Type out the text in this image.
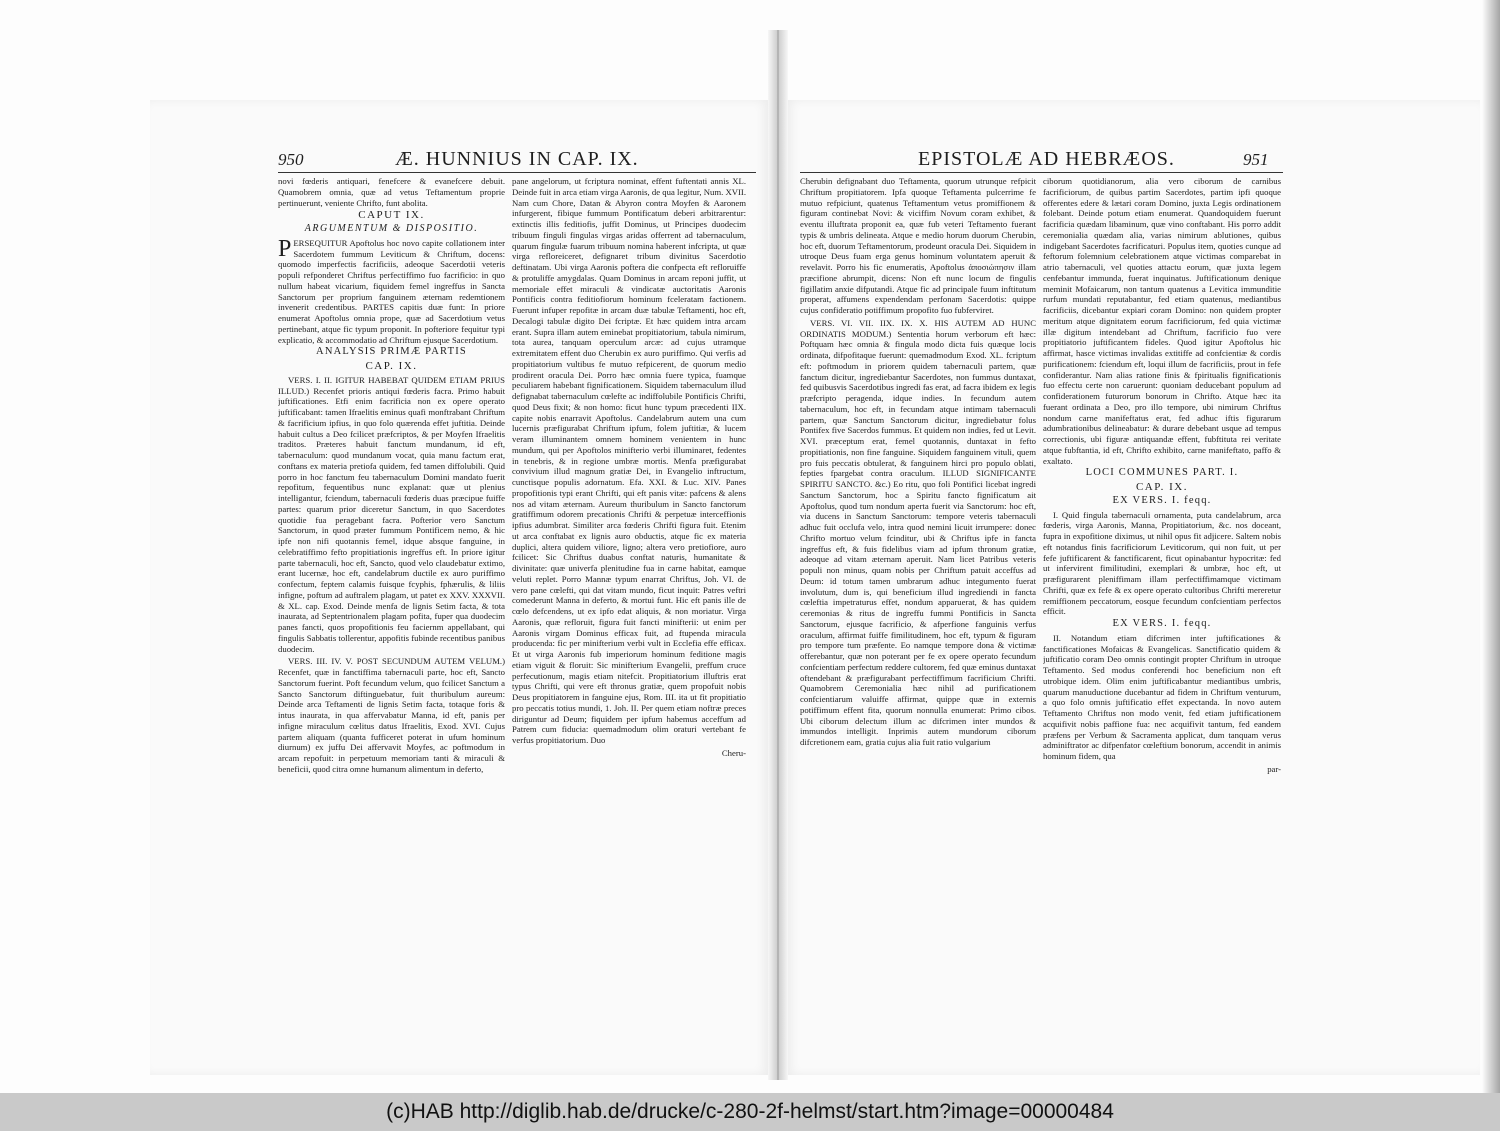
950	Æ. HUNNIUS IN CAP. IX.

novi fœderis antiquari, fenefcere & evanefcere debuit. Quamobrem omnia, quæ ad vetus Teftamentum proprie pertinuerunt, veniente Chrifto, funt abolita.

CAPUT IX.
ARGUMENTUM & DISPOSITIO.

PERSEQUITUR Apoftolus hoc novo capite collationem inter Sacerdotem fummum Leviticum & Chriftum, docens: quomodo imperfectis facrificiis, adeoque Sacerdotii veteris populi refponderet Chriftus perfectiffimo fuo facrificio: in quo nullum habeat vicarium, fiquidem femel ingreffus in Sancta Sanctorum per proprium fanguinem æternam redemtionem invenerit credentibus. PARTES capitis duæ funt: In priore enumerat Apoftolus omnia prope, quæ ad Sacerdotium vetus pertinebant, atque fic typum proponit. In pofteriore fequitur typi explicatio, & accommodatio ad Chriftum ejusque Sacerdotium.

ANALYSIS PRIMÆ PARTIS
CAP. IX.

VERS. I. II. IGITUR HABEBAT QUIDEM ETIAM PRIUS ILLUD.) Recenfet prioris antiqui fœderis facra. Primo habuit juftificationes. Etfi enim facrificia non ex opere operato juftificabant: tamen Ifraelitis eminus quafi monftrabant Chriftum & facrificium ipfius, in quo folo quærenda effet juftitia. Deinde habuit cultus a Deo fcilicet præfcriptos, & per Moyfen Ifraelitis traditos. Præteres habuit fanctum mundanum, id eft, tabernaculum: quod mundanum vocat, quia manu factum erat, conftans ex materia pretiofa quidem, fed tamen diffolubili. Quid porro in hoc fanctum feu tabernaculum Domini mandato fuerit repofitum, fequentibus nunc explanat: quæ ut plenius intelligantur, fciendum, tabernaculi fœderis duas præcipue fuiffe partes: quarum prior diceretur Sanctum, in quo Sacerdotes quotidie fua peragebant facra. Pofterior vero Sanctum Sanctorum, in quod præter fummum Pontificem nemo, & hic ipfe non nifi quotannis femel, idque absque fanguine, in celebratiffimo fefto propitiationis ingreffus eft. In priore igitur parte tabernaculi, hoc eft, Sancto, quod velo claudebatur extimo, erant lucernæ, hoc eft, candelabrum ductile ex auro puriffimo confectum, feptem calamis fuisque fcyphis, fphærulis, & liliis infigne, poftum ad auftralem plagam, ut patet ex XXV. XXXVII. & XL. cap. Exod. Deinde menfa de lignis Setim facta, & tota inaurata, ad Septentrionalem plagam pofita, fuper qua duodecim panes fancti, quos propofitionis feu faciernm appellabant, qui fingulis Sabbatis tollerentur, appofitis fubinde recentibus panibus duodecim.

VERS. III. IV. V. POST SECUNDUM AUTEM VELUM.) Recenfet, quæ in fanctiffima tabernaculi parte, hoc eft, Sancto Sanctorum fuerint. Poft fecundum velum, quo fcilicet Sanctum a Sancto Sanctorum diftinguebatur, fuit thuribulum aureum: Deinde arca Teftamenti de lignis Setim facta, totaque foris & intus inaurata, in qua affervabatur Manna, id eft, panis per infigne miraculum cœlitus datus Ifraelitis, Exod. XVI. Cujus partem aliquam (quanta fufficeret poterat in ufum hominum diurnum) ex juffu Dei affervavit Moyfes, ac poftmodum in arcam repofuit: in perpetuum memoriam tanti & miraculi & beneficii, quod citra omne humanum alimentum in deferto,

pane angelorum, ut fcriptura nominat, effent fuftentati annis XL. Deinde fuit in arca etiam virga Aaronis, de qua legitur, Num. XVII. Nam cum Chore, Datan & Abyron contra Moyfen & Aaronem infurgerent, fibique fummum Pontificatum deberi arbitrarentur: extinctis illis feditiofis, juffit Dominus, ut Principes duodecim tribuum finguli fingulas virgas aridas offerrent ad tabernaculum, quarum fingulæ fuarum tribuum nomina haberent infcripta, ut quæ virga refloreiceret, defignaret tribum divinitus Sacerdotio deftinatam. Ubi virga Aaronis poftera die confpecta eft refloruiffe & protuliffe amygdalas. Quam Dominus in arcam reponi juffit, ut memoriale effet miraculi & vindicatæ auctoritatis Aaronis Pontificis contra feditiofiorum hominum fceleratam factionem. Fuerunt infuper repofitæ in arcam duæ tabulæ Teftamenti, hoc eft, Decalogi tabulæ digito Dei fcriptæ. Et hæc quidem intra arcam erant. Supra illam autem eminebat propitiatorium, tabula nimirum, tota aurea, tanquam operculum arcæ: ad cujus utramque extremitatem effent duo Cherubin ex auro puriffimo. Qui verfis ad propitiatorium vultibus fe mutuo refpicerent, de quorum medio prodirent oracula Dei. Porro hæc omnia fuere typica, fuamque peculiarem habebant fignificationem. Siquidem tabernaculum illud defignabat tabernaculum cœlefte ac indiffolubile Pontificis Chrifti, quod Deus fixit; & non homo: ficut hunc typum præcedenti IIX. capite nobis enarravit Apoftolus. Candelabrum autem una cum lucernis præfigurabat Chriftum ipfum, folem juftitiæ, & lucem veram illuminantem omnem hominem venientem in hunc mundum, qui per Apoftolos minifterio verbi illuminaret, fedentes in tenebris, & in regione umbræ mortis. Menfa præfigurabat convivium illud magnum gratiæ Dei, in Evangelio inftructum, cunctisque populis adornatum. Efa. XXI. & Luc. XIV. Panes propofitionis typi erant Chrifti, qui eft panis vitæ: pafcens & alens nos ad vitam æternam. Aureum thuribulum in Sancto fanctorum gratiffimum odorem precationis Chrifti & perpetuæ interceffionis ipfius adumbrat. Similiter arca fœderis Chrifti figura fuit. Etenim ut arca conftabat ex lignis auro obductis, atque fic ex materia duplici, altera quidem viliore, ligno; altera vero pretiofiore, auro fcilicet: Sic Chriftus duabus conftat naturis, humanitate & divinitate: quæ univerfa plenitudine fua in carne habitat, eamque veluti replet. Porro Mannæ typum enarrat Chriftus, Joh. VI. de vero pane cœlefti, qui dat vitam mundo, ficut inquit: Patres veftri comederunt Manna in deferto, & mortui funt. Hic eft panis ille de cœlo defcendens, ut ex ipfo edat aliquis, & non moriatur. Virga Aaronis, quæ refloruit, figura fuit fancti minifterii: ut enim per Aaronis virgam Dominus efficax fuit, ad ftupenda miracula producenda: fic per minifterium verbi vult in Ecclefia effe efficax. Et ut virga Aaronis fub imperiorum hominum feditione magis etiam viguit & floruit: Sic minifterium Evangelii, preffum cruce perfecutionum, magis etiam nitefcit. Propitiatorium illuftris erat typus Chrifti, qui vere eft thronus gratiæ, quem propofuit nobis Deus propitiatorem in fanguine ejus, Rom. III. ita ut fit propitiatio pro peccatis totius mundi, 1. Joh. II. Per quem etiam noftræ preces diriguntur ad Deum; fiquidem per ipfum habemus acceffum ad Patrem cum fiducia: quemadmodum olim oraturi vertebant fe verfus propitiatorium. Duo

Cheru-

EPISTOLÆ AD HEBRÆOS.	951

Cherubin defignabant duo Teftamenta, quorum utrunque refpicit Chriftum propitiatorem. Ipfa quoque Teftamenta pulcerrime fe mutuo refpiciunt, quatenus Teftamentum vetus promiffionem & figuram continebat Novi: & viciffim Novum coram exhibet, & eventu illuftrata proponit ea, quæ fub veteri Teftamento fuerant typis & umbris delineata. Atque e medio horum duorum Cherubin, hoc eft, duorum Teftamentorum, prodeunt oracula Dei. Siquidem in utroque Deus fuam erga genus hominum voluntatem aperuit & revelavit. Porro his fic enumeratis, Apoftolus ἀποσιώπησιν illam præcifione abrumpit, dicens: Non eft nunc locum de fingulis figillatim anxie difputandi. Atque fic ad principale fuum inftitutum properat, affumens expendendam perfonam Sacerdotis: quippe cujus confideratio potiffimum propofito fuo fubferviret.

VERS. VI. VII. IIX. IX. X. HIS AUTEM AD HUNC ORDINATIS MODUM.) Sententia horum verborum eft hæc: Poftquam hæc omnia & fingula modo dicta fuis quæque locis ordinata, difpofitaque fuerunt: quemadmodum Exod. XL. fcriptum eft: poftmodum in priorem quidem tabernaculi partem, quæ fanctum dicitur, ingrediebantur Sacerdotes, non fummus duntaxat, fed quibusvis Sacerdotibus ingredi fas erat, ad facra ibidem ex legis præfcripto peragenda, idque indies. In fecundum autem tabernaculum, hoc eft, in fecundam atque intimam tabernaculi partem, quæ Sanctum Sanctorum dicitur, ingrediebatur folus Pontifex five Sacerdos fummus. Et quidem non indies, fed ut Levit. XVI. præceptum erat, femel quotannis, duntaxat in fefto propitiationis, non fine fanguine. Siquidem fanguinem vituli, quem pro fuis peccatis obtulerat, & fanguinem hirci pro populo oblati, fepties fpargebat contra oraculum. ILLUD SIGNIFICANTE SPIRITU SANCTO. &c.) Eo ritu, quo foli Pontifici licebat ingredi Sanctum Sanctorum, hoc a Spiritu fancto fignificatum ait Apoftolus, quod tum nondum aperta fuerit via Sanctorum: hoc eft, via ducens in Sanctum Sanctorum: tempore veteris tabernaculi adhuc fuit occlufa velo, intra quod nemini licuit irrumpere: donec Chrifto mortuo velum fcinditur, ubi & Chriftus ipfe in fancta ingreffus eft, & fuis fidelibus viam ad ipfum thronum gratiæ, adeoque ad vitam æternam aperuit. Nam licet Patribus veteris populi non minus, quam nobis per Chriftum patuit acceffus ad Deum: id totum tamen umbrarum adhuc integumento fuerat involutum, dum is, qui beneficium illud ingrediendi in fancta cœleftia impetraturus effet, nondum apparuerat, & has quidem ceremonias & ritus de ingreffu fummi Pontificis in Sancta Sanctorum, ejusque facrificio, & afperfione fanguinis verfus oraculum, affirmat fuiffe fimilitudinem, hoc eft, typum & figuram pro tempore tum præfente. Eo namque tempore dona & victimæ offerebantur, quæ non poterant per fe ex opere operato fecundum confcientiam perfectum reddere cultorem, fed quæ eminus duntaxat oftendebant & præfigurabant perfectiffimum facrificium Chrifti. Quamobrem Ceremonialia hæc nihil ad purificationem confcientiarum valuiffe affirmat, quippe quæ in externis potiffimum effent fita, quorum nonnulla enumerat: Primo cibos. Ubi ciborum delectum illum ac difcrimen inter mundos & immundos intelligit. Inprimis autem mundorum ciborum difcretionem eam, gratia cujus alia fuit ratio vulgarium

ciborum quotidianorum, alia vero ciborum de carnibus facrificiorum, de quibus partim Sacerdotes, partim ipfi quoque offerentes edere & lætari coram Domino, juxta Legis ordinationem folebant. Deinde potum etiam enumerat. Quandoquidem fuerunt facrificia quædam libaminum, quæ vino conftabant. His porro addit ceremonialia quædam alia, varias nimirum ablutiones, quibus indigebant Sacerdotes facrificaturi. Populus item, quoties cunque ad feftorum folemnium celebrationem atque victimas comparebat in atrio tabernaculi, vel quoties attactu eorum, quæ juxta legem cenfebantur immunda, fuerat inquinatus. Juftificationum denique meminit Mofaicarum, non tantum quatenus a Levitica immunditie rurfum mundati reputabantur, fed etiam quatenus, mediantibus facrificiis, dicebantur expiari coram Domino: non quidem propter meritum atque dignitatem eorum facrificiorum, fed quia victimæ illæ digitum intendebant ad Chriftum, facrificio fuo vere propitiatorio juftificantem fideles. Quod igitur Apoftolus hic affirmat, hasce victimas invalidas extitiffe ad confcientiæ & cordis purificationem: fciendum eft, loqui illum de facrificiis, prout in fefe confiderantur. Nam alias ratione finis & fpiritualis fignificationis fuo effectu certe non caruerunt: quoniam deducebant populum ad confiderationem futurorum bonorum in Chrifto. Atque hæc ita fuerant ordinata a Deo, pro illo tempore, ubi nimirum Chriftus nondum carne manifeftatus erat, fed adhuc iftis figurarum adumbrationibus delineabatur: & durare debebant usque ad tempus correctionis, ubi figuræ antiquandæ effent, fubftituta rei veritate atque fubftantia, id eft, Chrifto exhibito, carne manifeftato, paffo & exaltato.

LOCI COMMUNES PART. I.
CAP. IX.
EX VERS. I. feqq.

I. Quid fingula tabernaculi ornamenta, puta candelabrum, arca fœderis, virga Aaronis, Manna, Propitiatorium, &c. nos doceant, fupra in expofitione diximus, ut nihil opus fit adjicere. Saltem nobis eft notandus finis facrificiorum Leviticorum, qui non fuit, ut per fefe juftificarent & fanctificarent, ficut opinabantur hypocritæ: fed ut infervirent fimilitudini, exemplari & umbræ, hoc eft, ut præfigurarent pleniffimam illam perfectiffimamque victimam Chrifti, quæ ex fefe & ex opere operato cultoribus Chrifti mereretur remiffionem peccatorum, eosque fecundum confcientiam perfectos efficit.

EX VERS. I. feqq.

II. Notandum etiam difcrimen inter juftificationes & fanctificationes Mofaicas & Evangelicas. Sanctificatio quidem & juftificatio coram Deo omnis contingit propter Chriftum in utroque Teftamento. Sed modus conferendi hoc beneficium non eft utrobique idem. Olim enim juftificabantur mediantibus umbris, quarum manuductione ducebantur ad fidem in Chriftum venturum, a quo folo omnis juftificatio effet expectanda. In novo autem Teftamento Chriftus non modo venit, fed etiam juftificationem acquifivit nobis paffione fua: nec acquifivit tantum, fed eandem præfens per Verbum & Sacramenta applicat, dum tanquam verus adminiftrator ac difpenfator cœleftium bonorum, accendit in animis hominum fidem, qua

par-

(c)HAB http://diglib.hab.de/drucke/c-280-2f-helmst/start.htm?image=00000484
